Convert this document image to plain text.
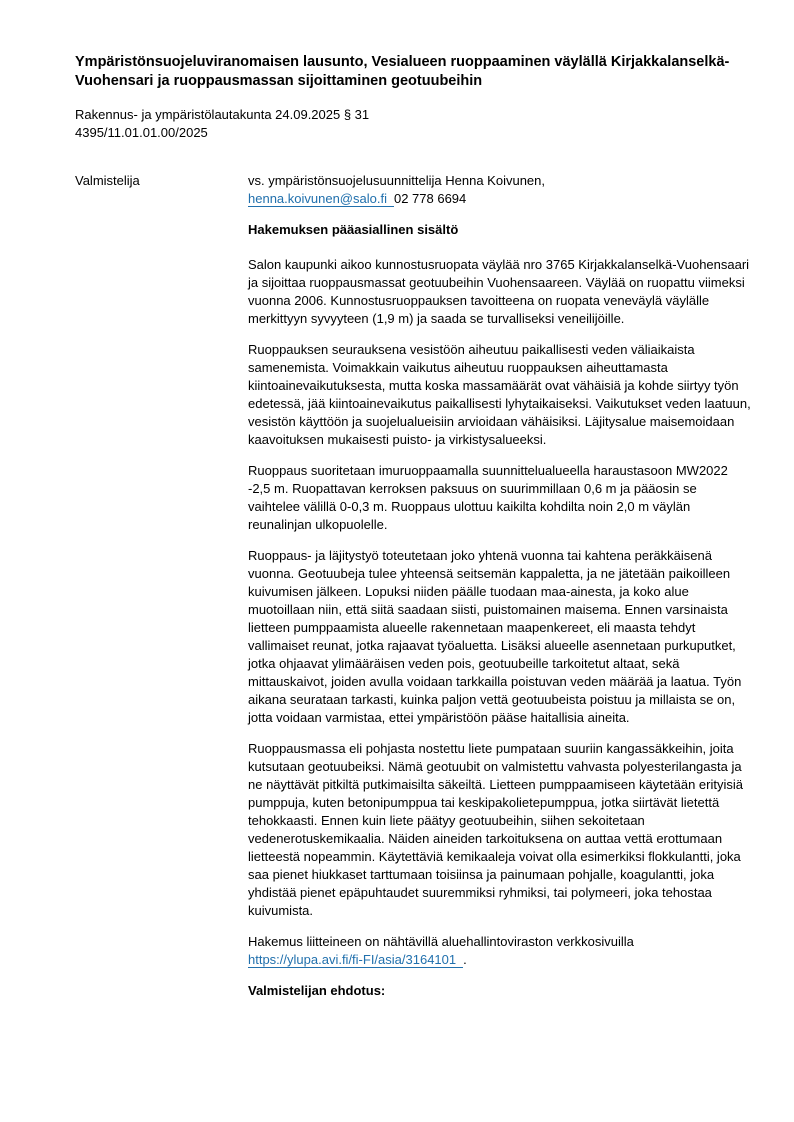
Ympäristönsuojeluviranomaisen lausunto, Vesialueen ruoppaaminen väylällä Kirjakkalanselkä- Vuohensari ja ruoppausmassan sijoittaminen geotuubeihin
Rakennus- ja ympäristölautakunta 24.09.2025 § 31
4395/11.01.01.00/2025
Valmistelija	vs. ympäristönsuojelusuunnittelija Henna Koivunen,
henna.koivunen@salo.fi 02 778 6694
Hakemuksen pääasiallinen sisältö

Salon kaupunki aikoo kunnostusruopata väylää nro 3765 Kirjakkalanselkä-Vuohensaari ja sijoittaa ruoppausmassat geotuubeihin Vuohensaareen. Väylää on ruopattu viimeksi vuonna 2006. Kunnostusruoppauksen tavoitteena on ruopata veneväylä väylälle merkittyyn syvyyteen (1,9 m) ja saada se turvalliseksi veneilijöille.

Ruoppauksen seurauksena vesistöön aiheutuu paikallisesti veden väliaikaista samenemista. Voimakkain vaikutus aiheutuu ruoppauksen aiheuttamasta kiintoainevaikutuksesta, mutta koska massamäärät ovat vähäisiä ja kohde siirtyy työn edetessä, jää kiintoainevaikutus paikallisesti lyhytaikaiseksi. Vaikutukset veden laatuun, vesistön käyttöön ja suojelualueisiin arvioidaan vähäisiksi. Läjitysalue maisemoidaan kaavoituksen mukaisesti puisto- ja virkistysalueeksi.

Ruoppaus suoritetaan imuruoppaamalla suunnittelualueella haraustasoon MW2022 -2,5 m. Ruopattavan kerroksen paksuus on suurimmillaan 0,6 m ja pääosin se vaihtelee välillä 0-0,3 m. Ruoppaus ulottuu kaikilta kohdilta noin 2,0 m väylän reunalinjan ulkopuolelle.

Ruoppaus- ja läjitystyö toteutetaan joko yhtenä vuonna tai kahtena peräkkäisenä vuonna. Geotuubeja tulee yhteensä seitsemän kappaletta, ja ne jätetään paikoilleen kuivumisen jälkeen. Lopuksi niiden päälle tuodaan maa-ainesta, ja koko alue muotoillaan niin, että siitä saadaan siisti, puistomainen maisema. Ennen varsinaista lietteen pumppaamista alueelle rakennetaan maapenkereet, eli maasta tehdyt vallimaiset reunat, jotka rajaavat työaluetta. Lisäksi alueelle asennetaan purkuputket, jotka ohjaavat ylimääräisen veden pois, geotuubeille tarkoitetut altaat, sekä mittauskaivot, joiden avulla voidaan tarkkailla poistuvan veden määrää ja laatua. Työn aikana seurataan tarkasti, kuinka paljon vettä geotuubeista poistuu ja millaista se on, jotta voidaan varmistaa, ettei ympäristöön pääse haitallisia aineita.

Ruoppausmassa eli pohjasta nostettu liete pumpataan suuriin kangassäkkeihin, joita kutsutaan geotuubeiksi. Nämä geotuubit on valmistettu vahvasta polyesterilangasta ja ne näyttävät pitkiltä putkimaisilta säkeiltä. Lietteen pumppaamiseen käytetään erityisiä pumppuja, kuten betonipumppua tai keskipakolietepumppua, jotka siirtävät lietettä tehokkaasti. Ennen kuin liete päätyy geotuubeihin, siihen sekoitetaan vedenerotuskemikaalia. Näiden aineiden tarkoituksena on auttaa vettä erottumaan lietteestä nopeammin. Käytettäviä kemikaaleja voivat olla esimerkiksi flokkulantti, joka saa pienet hiukkaset tarttumaan toisiinsa ja painumaan pohjalle, koagulantti, joka yhdistää pienet epäpuhtaudet suuremmiksi ryhmiksi, tai polymeeri, joka tehostaa kuivumista.

Hakemus liitteineen on nähtävillä aluehallintoviraston verkkosivuilla https://ylupa.avi.fi/fi-FI/asia/3164101 .

Valmistelijan ehdotus:
